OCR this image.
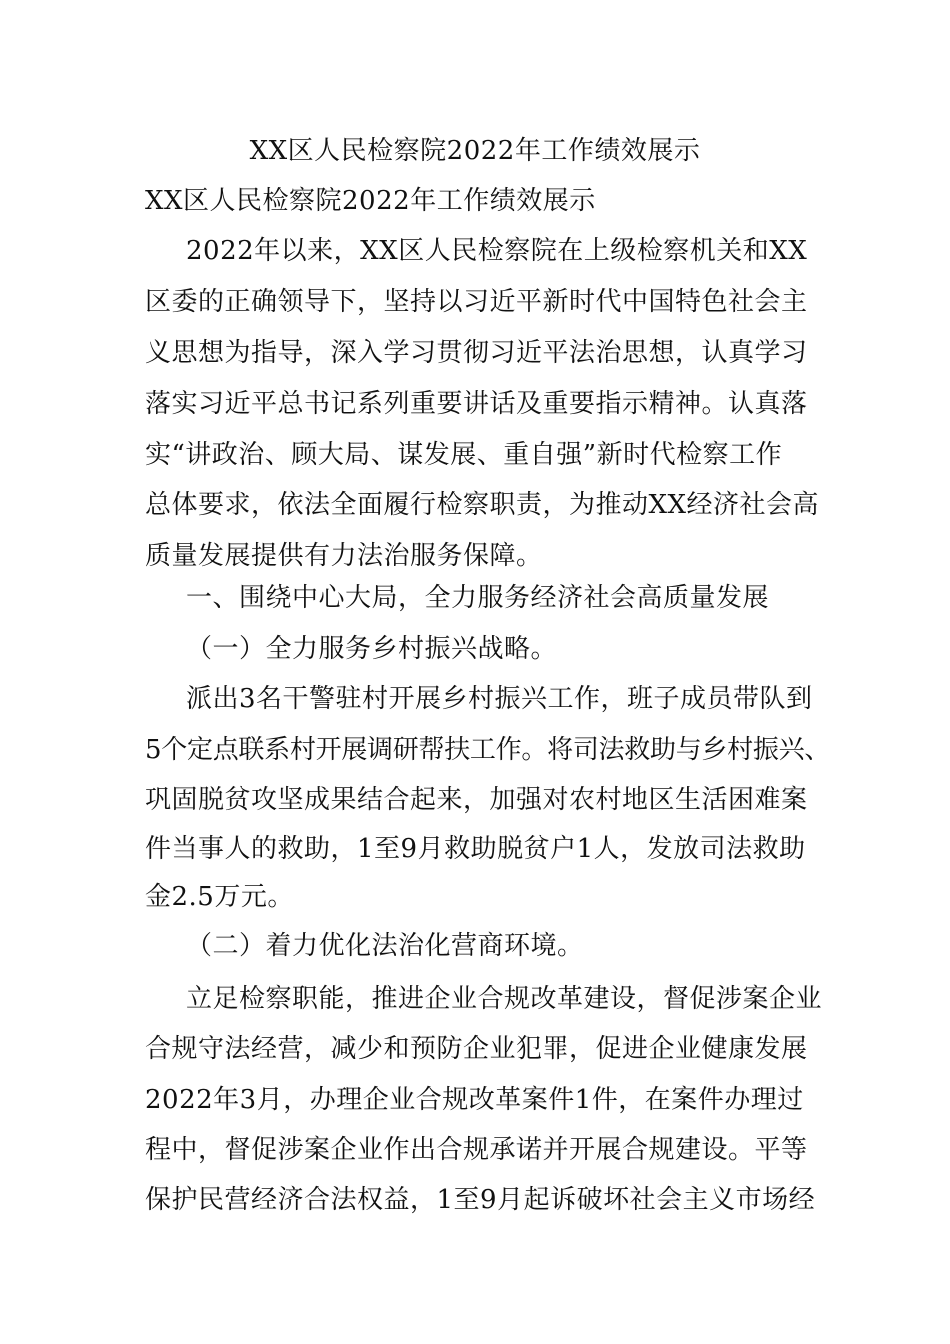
XX区人民检察院2022年工作绩效展示
XX区人民检察院2022年工作绩效展示
2022年以来，XX区人民检察院在上级检察机关和XX
区委的正确领导下，坚持以习近平新时代中国特色社会主
义思想为指导，深入学习贯彻习近平法治思想，认真学习
落实习近平总书记系列重要讲话及重要指示精神。认真落
实“讲政治、顾大局、谋发展、重自强”新时代检察工作
总体要求，依法全面履行检察职责，为推动XX经济社会高
质量发展提供有力法治服务保障。
一、围绕中心大局，全力服务经济社会高质量发展
（一）全力服务乡村振兴战略。
派出3名干警驻村开展乡村振兴工作，班子成员带队到
5个定点联系村开展调研帮扶工作。将司法救助与乡村振兴、
巩固脱贫攻坚成果结合起来，加强对农村地区生活困难案
件当事人的救助，1至9月救助脱贫户1人，发放司法救助
金2.5万元。
（二）着力优化法治化营商环境。
立足检察职能，推进企业合规改革建设，督促涉案企业
合规守法经营，减少和预防企业犯罪，促进企业健康发展
2022年3月，办理企业合规改革案件1件，在案件办理过
程中，督促涉案企业作出合规承诺并开展合规建设。平等
保护民营经济合法权益，1至9月起诉破坏社会主义市场经
